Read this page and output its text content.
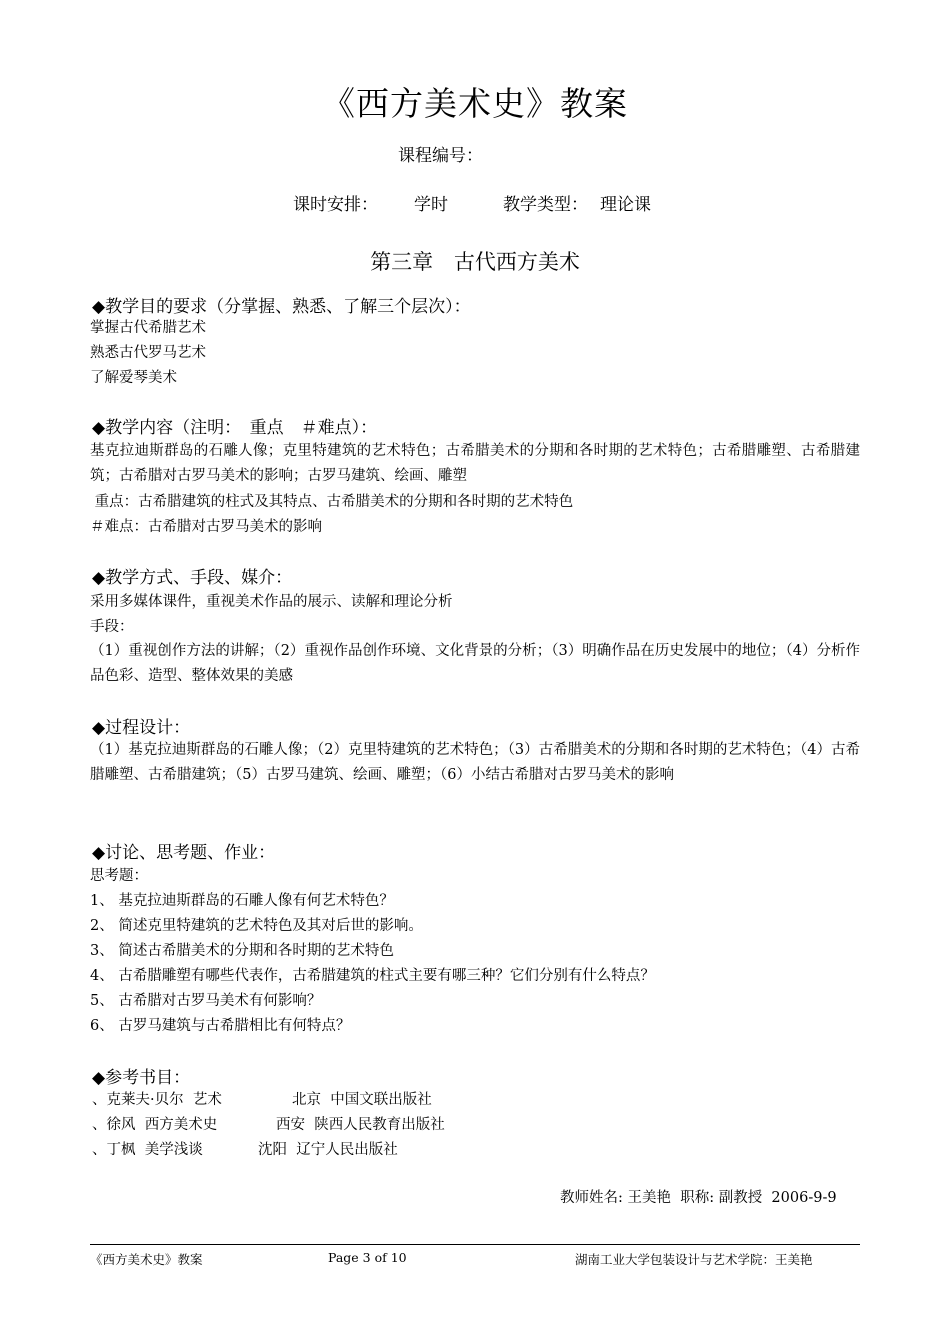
《西方美术史》教案
课程编号：
课时安排： 学时	教学类型： 理论课
第三章 古代西方美术
◆教学目的要求（分掌握、熟悉、了解三个层次）：
掌握古代希腊艺术
熟悉古代罗马艺术
了解爱琴美术
◆教学内容（注明：　重点　＃难点）：
基克拉迪斯群岛的石雕人像；克里特建筑的艺术特色；古希腊美术的分期和各时期的艺术特色；古希腊雕塑、古希腊建筑；古希腊对古罗马美术的影响；古罗马建筑、绘画、雕塑
重点：古希腊建筑的柱式及其特点、古希腊美术的分期和各时期的艺术特色
＃难点：古希腊对古罗马美术的影响
◆教学方式、手段、媒介：
采用多媒体课件，重视美术作品的展示、读解和理论分析
手段：
（1）重视创作方法的讲解；（2）重视作品创作环境、文化背景的分析；（3）明确作品在历史发展中的地位；（4）分析作品色彩、造型、整体效果的美感
◆过程设计：
（1）基克拉迪斯群岛的石雕人像；（2）克里特建筑的艺术特色；（3）古希腊美术的分期和各时期的艺术特色；（4）古希腊雕塑、古希腊建筑；（5）古罗马建筑、绘画、雕塑；（6）小结古希腊对古罗马美术的影响
◆讨论、思考题、作业：
思考题：
1、 基克拉迪斯群岛的石雕人像有何艺术特色？
2、 简述克里特建筑的艺术特色及其对后世的影响。
3、 简述古希腊美术的分期和各时期的艺术特色
4、 古希腊雕塑有哪些代表作，古希腊建筑的柱式主要有哪三种？它们分别有什么特点？
5、 古希腊对古罗马美术有何影响？
6、 古罗马建筑与古希腊相比有何特点？
◆参考书目：
、克莱夫·贝尔  艺术	北京  中国文联出版社
、徐风  西方美术史	西安  陕西人民教育出版社
、丁枫  美学浅谈	沈阳  辽宁人民出版社
教师姓名: 王美艳  职称: 副教授  2006-9-9
《西方美术史》教案	Page 3 of 10	湖南工业大学包装设计与艺术学院：王美艳
